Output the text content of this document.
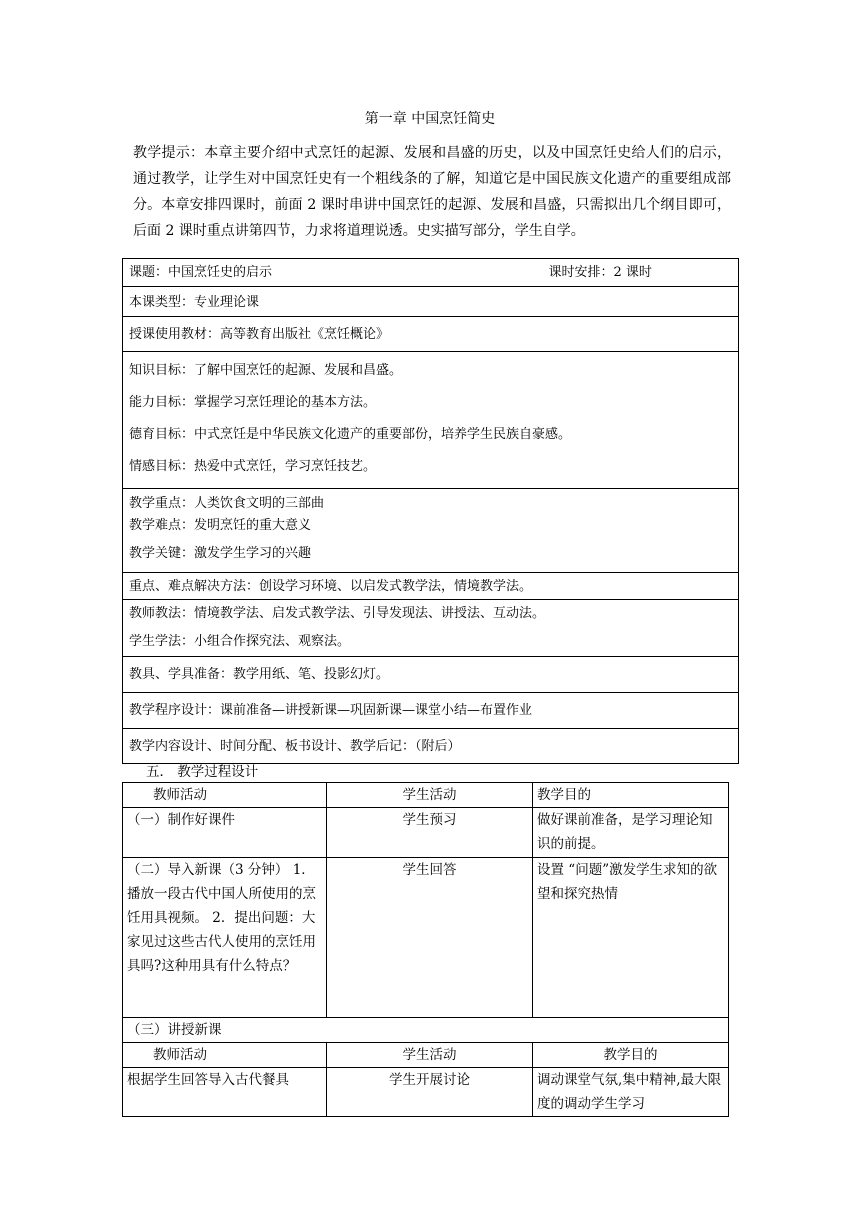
第一章 中国烹饪简史
教学提示：本章主要介绍中式烹饪的起源、发展和昌盛的历史，以及中国烹饪史给人们的启示，通过教学，让学生对中国烹饪史有一个粗线条的了解，知道它是中国民族文化遗产的重要组成部分。本章安排四课时，前面 2 课时串讲中国烹饪的起源、发展和昌盛，只需拟出几个纲目即可，后面 2 课时重点讲第四节，力求将道理说透。史实描写部分，学生自学。
课题：中国烹饪史的启示	课时安排：2 课时
本课类型：专业理论课
授课使用教材：高等教育出版社《烹饪概论》

知识目标：了解中国烹饪的起源、发展和昌盛。
能力目标：掌握学习烹饪理论的基本方法。
德育目标：中式烹饪是中华民族文化遗产的重要部份，培养学生民族自豪感。
情感目标：热爱中式烹饪，学习烹饪技艺。

教学重点：人类饮食文明的三部曲
教学难点：发明烹饪的重大意义
教学关键：激发学生学习的兴趣

重点、难点解决方法：创设学习环境、以启发式教学法，情境教学法。

教师教法：情境教学法、启发式教学法、引导发现法、讲授法、互动法。
学生学法：小组合作探究法、观察法。

教具、学具准备：教学用纸、笔、投影幻灯。
教学程序设计：课前准备—讲授新课—巩固新课—课堂小结—布置作业
教学内容设计、时间分配、板书设计、教学后记：（附后）
五． 教学过程设计
教师活动	学生活动	教学目的
（一）制作好课件	学生预习	做好课前准备，是学习理论知识的前提。
（二）导入新课（3 分钟） 1．播放一段古代中国人所使用的烹饪用具视频。 2．提出问题：大家见过这些古代人使用的烹饪用具吗?这种用具有什么特点？	学生回答	设置 “问题”激发学生求知的欲望和探究热情
（三）讲授新课		
教师活动	学生活动	教学目的
根据学生回答导入古代餐具	学生开展讨论	调动课堂气氛,集中精神,最大限度的调动学生学习
